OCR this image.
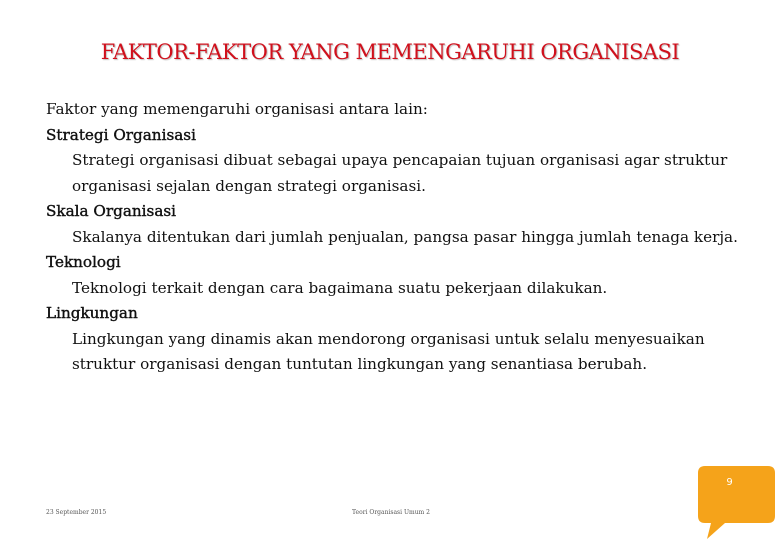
FAKTOR-FAKTOR YANG MEMENGARUHI ORGANISASI

Faktor yang memengaruhi organisasi antara lain:

Strategi Organisasi

Strategi organisasi dibuat sebagai upaya pencapaian tujuan organisasi agar struktur

organisasi sejalan dengan strategi organisasi.

Skala Organisasi

Skalanya ditentukan dari jumlah penjualan, pangsa pasar hingga jumlah tenaga kerja.

Teknologi

Teknologi terkait dengan cara bagaimana suatu pekerjaan dilakukan.

Lingkungan

Lingkungan yang dinamis akan mendorong organisasi untuk selalu menyesuaikan

struktur organisasi dengan tuntutan lingkungan yang senantiasa berubah.

23 September 2015	Teori Organisasi Umum 2
9
